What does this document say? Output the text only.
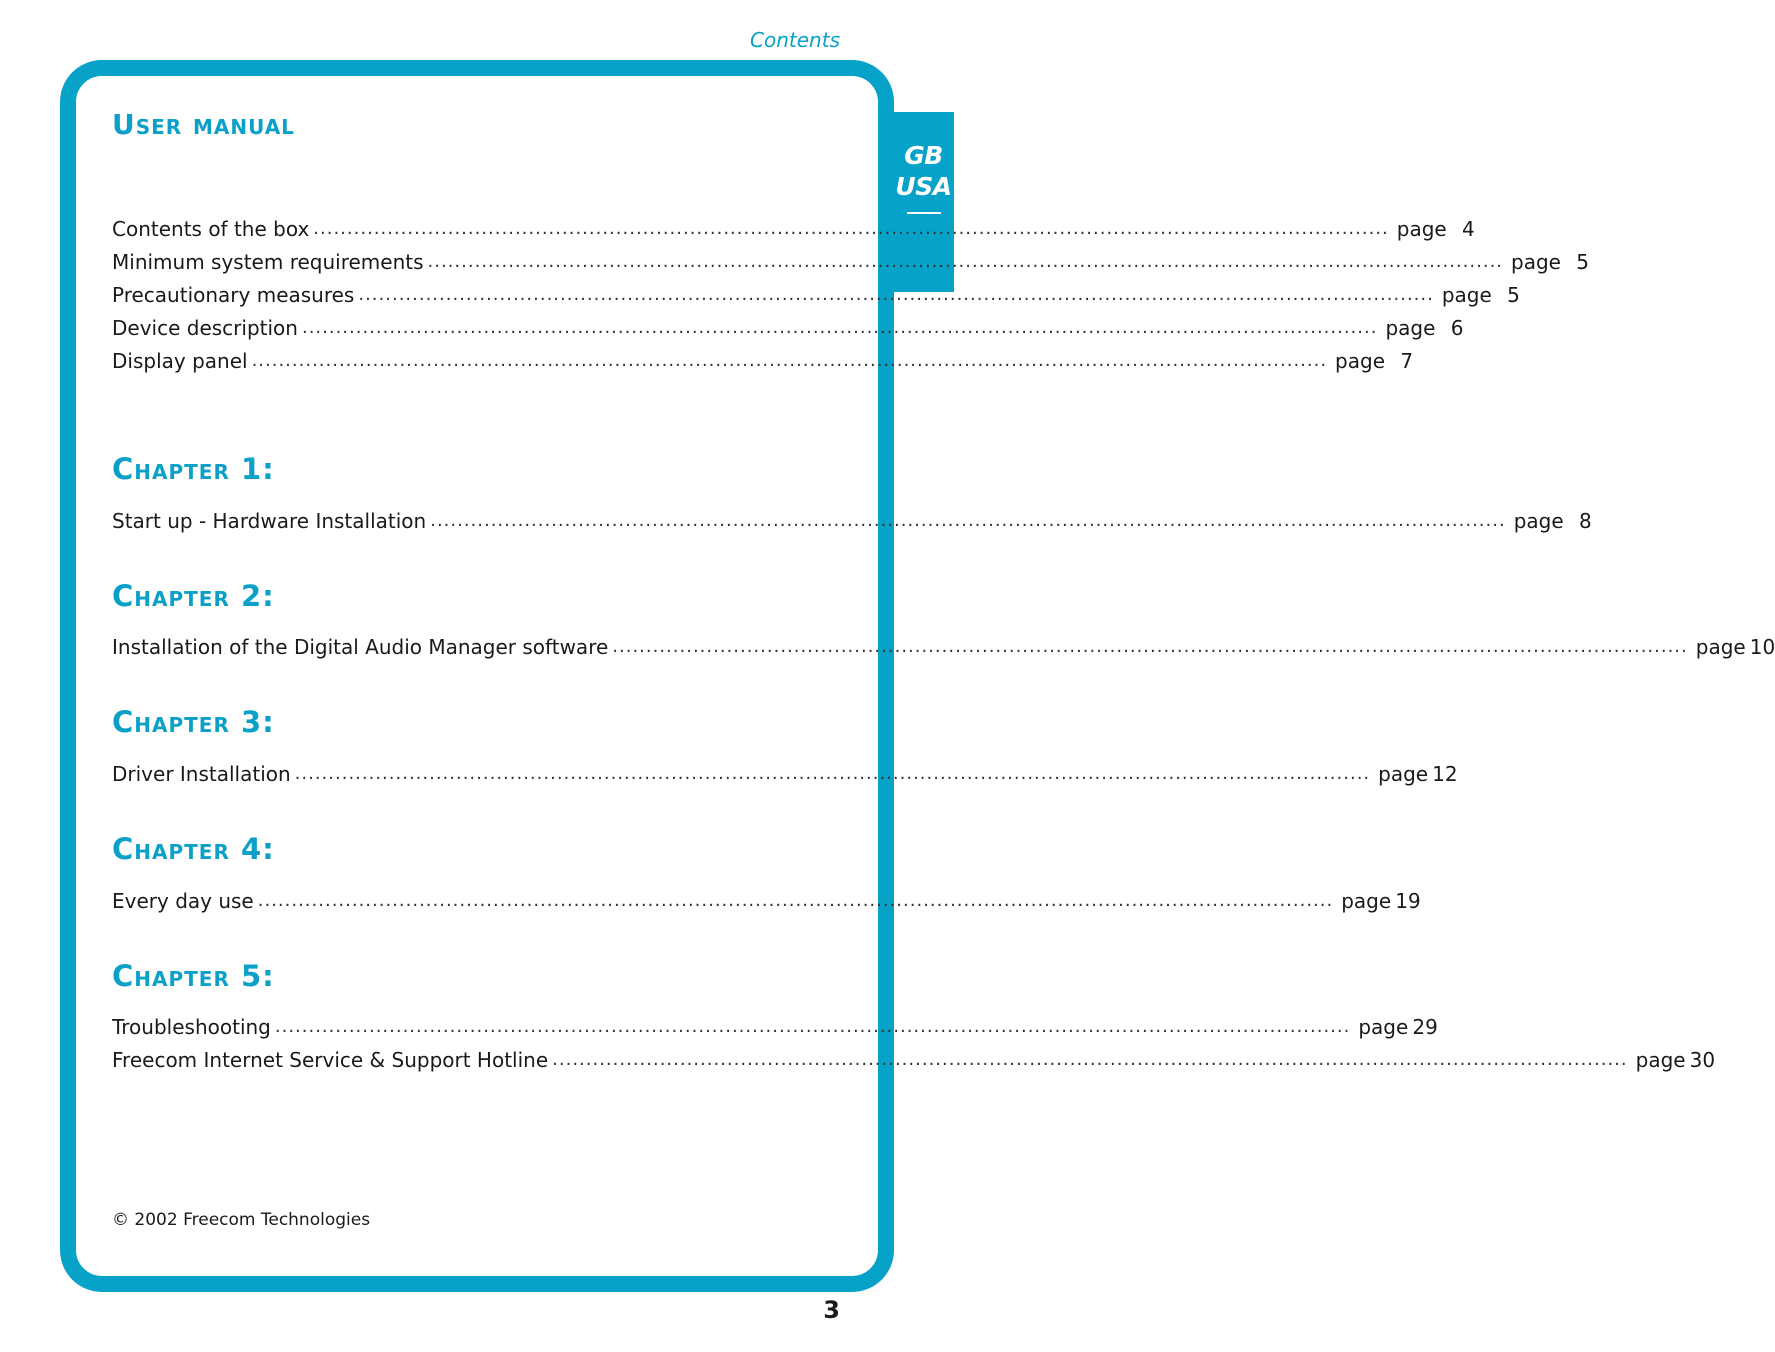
Contents
GB
USA
User manual
Contents of the box ................................................................................................................................................................ page 4
Minimum system requirements ................................................................................................................................................................ page 5
Precautionary measures ................................................................................................................................................................ page 5
Device description ................................................................................................................................................................ page 6
Display panel ................................................................................................................................................................ page 7
Chapter 1:
Start up - Hardware Installation ................................................................................................................................................................ page 8
Chapter 2:
Installation of the Digital Audio Manager software ................................................................................................................................................................ page 10
Chapter 3:
Driver Installation ................................................................................................................................................................ page 12
Chapter 4:
Every day use ................................................................................................................................................................ page 19
Chapter 5:
Troubleshooting ................................................................................................................................................................ page 29
Freecom Internet Service & Support Hotline ................................................................................................................................................................ page 30
© 2002 Freecom Technologies
3
